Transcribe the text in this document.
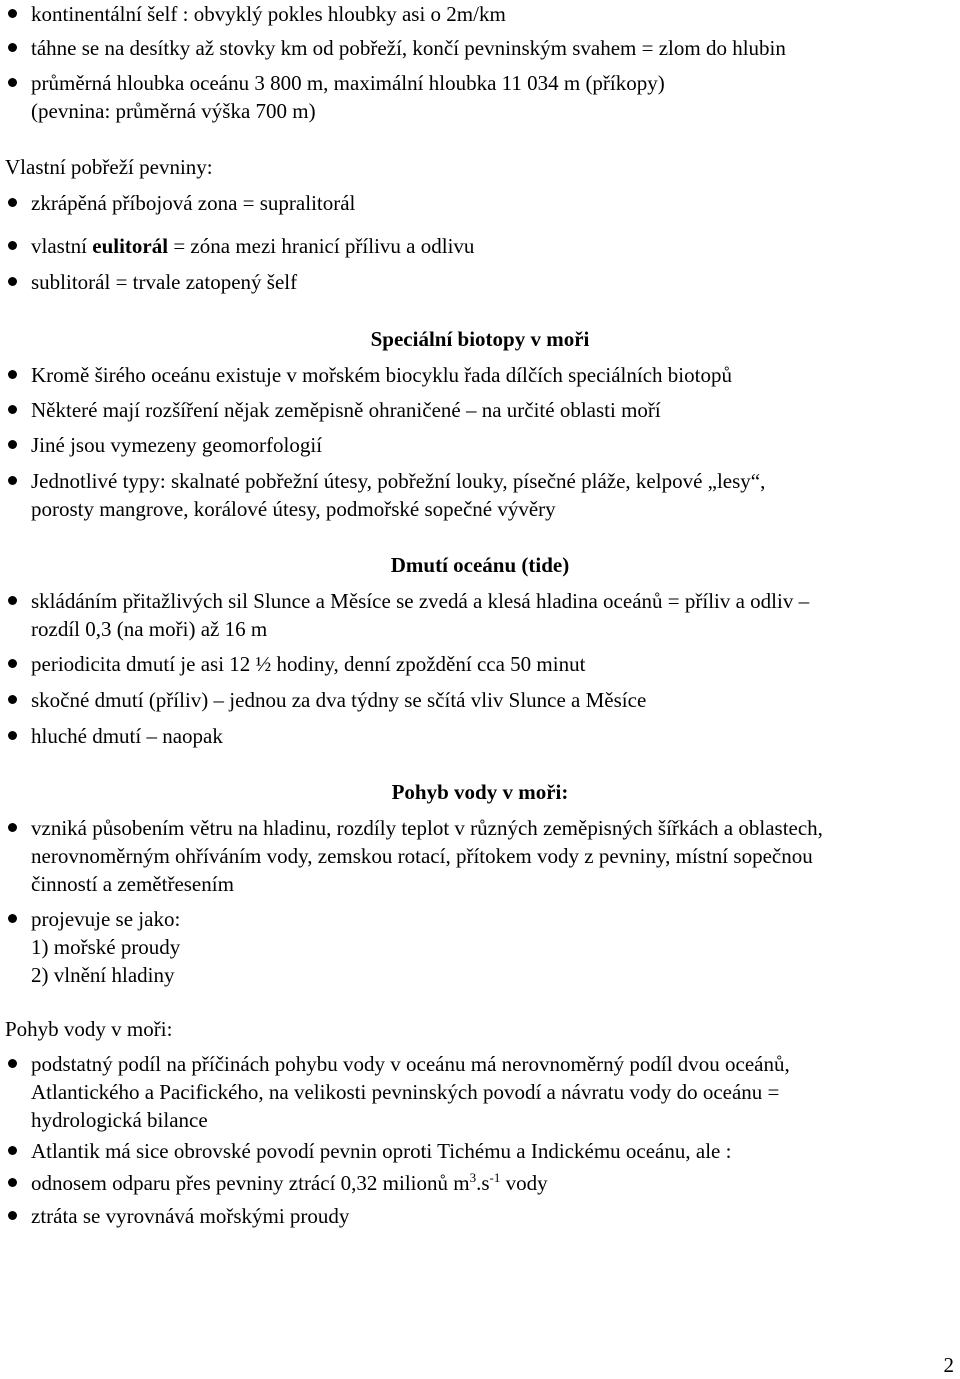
kontinentální šelf : obvyklý pokles hloubky asi o 2m/km
táhne se na desítky až stovky km od pobřeží, končí pevninským svahem = zlom do hlubin
průměrná hloubka oceánu 3 800 m, maximální hloubka 11 034 m (příkopy)
(pevnina: průměrná výška 700 m)
Vlastní pobřeží pevniny:
zkrápěná příbojová zona = supralitorál
vlastní eulitorál = zóna mezi hranicí přílivu a odlivu
sublitorál = trvale zatopený šelf
Speciální biotopy v moři
Kromě širého oceánu existuje v mořském biocyklu řada dílčích speciálních biotopů
Některé mají rozšíření nějak zeměpisně ohraničené – na určité oblasti moří
Jiné jsou vymezeny geomorfologií
Jednotlivé typy: skalnaté pobřežní útesy, pobřežní louky, písečné pláže, kelpové „lesy“,
porosty mangrove, korálové útesy, podmořské sopečné vývěry
Dmutí oceánu (tide)
skládáním přitažlivých sil Slunce a Měsíce se zvedá a klesá hladina oceánů = příliv a odliv –
rozdíl 0,3 (na moři) až 16 m
periodicita dmutí je asi 12 ½ hodiny, denní zpoždění cca 50 minut
skočné dmutí (příliv) – jednou za dva týdny se sčítá vliv Slunce a Měsíce
hluché dmutí – naopak
Pohyb vody v moři:
vzniká působením větru na hladinu, rozdíly teplot v různých zeměpisných šířkách a oblastech,
nerovnoměrným ohříváním vody, zemskou rotací, přítokem vody z pevniny, místní sopečnou
činností a zemětřesením
projevuje se jako:
1) mořské proudy
2) vlnění hladiny
Pohyb vody v moři:
podstatný podíl na příčinách pohybu vody v oceánu má nerovnoměrný podíl dvou oceánů,
Atlantického a Pacifického, na velikosti pevninských povodí a návratu vody do oceánu =
hydrologická bilance
Atlantik má sice obrovské povodí pevnin oproti Tichému a Indickému oceánu, ale :
odnosem odparu přes pevniny ztrácí 0,32 milionů $m^3.s^{-1}$ vody
ztráta se vyrovnává mořskými proudy
2
